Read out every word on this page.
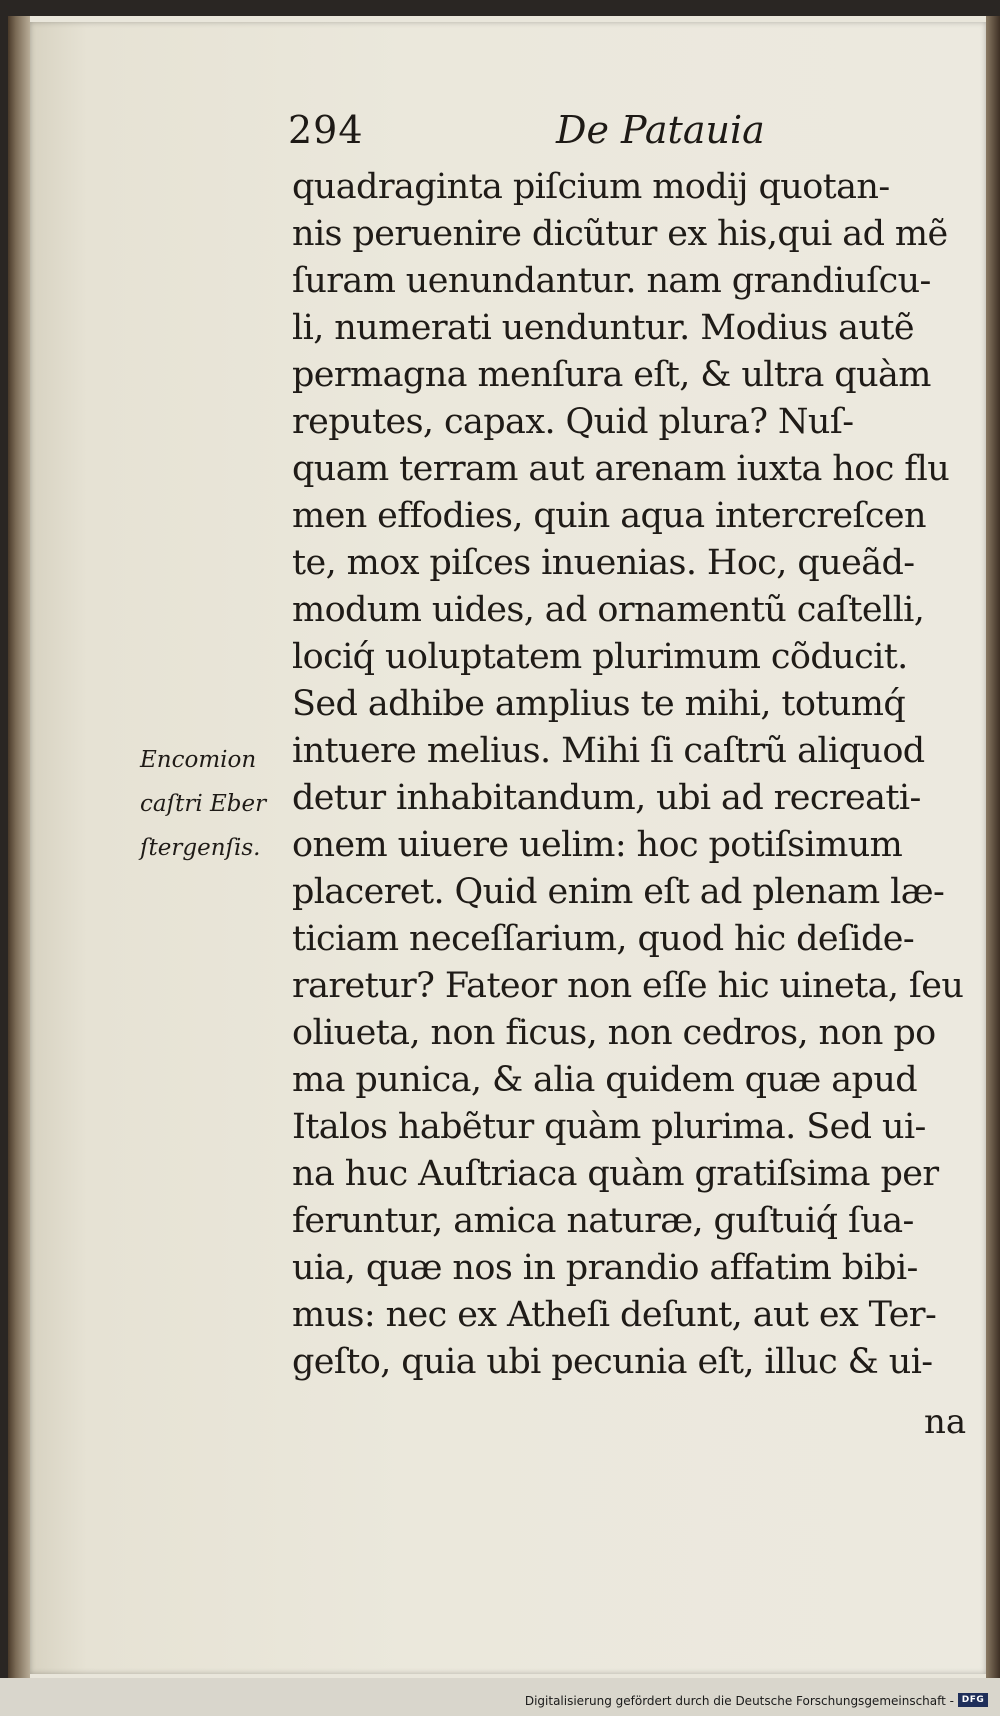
294	De Patauia
quadraginta piſcium modij quotan-
nis peruenire dicũtur ex his,qui ad mẽ
ſuram uenundantur. nam grandiuſcu-
li, numerati uenduntur. Modius autẽ
permagna menſura eſt, & ultra quàm
reputes, capax. Quid plura? Nuſ-
quam terram aut arenam iuxta hoc flu
men effodies, quin aqua intercreſcen
te, mox piſces inuenias. Hoc, queãd-
modum uides, ad ornamentũ caſtelli,
lociq́ uoluptatem plurimum cõducit.
Sed adhibe amplius te mihi, totumq́
intuere melius. Mihi ſi caſtrũ aliquod
detur inhabitandum, ubi ad recreati-
onem uiuere uelim: hoc potiſsimum
placeret. Quid enim eſt ad plenam læ-
ticiam neceſſarium, quod hic deſide-
raretur? Fateor non eſſe hic uineta, ſeu
oliueta, non ficus, non cedros, non po
ma punica, & alia quidem quæ apud
Italos habẽtur quàm plurima. Sed ui-
na huc Auſtriaca quàm gratiſsima per
feruntur, amica naturæ, guſtuiq́ ſua-
uia, quæ nos in prandio affatim bibi-
mus: nec ex Atheſi deſunt, aut ex Ter-
geſto, quia ubi pecunia eſt, illuc & ui-
na
Encomion
caſtri Eber
ſtergenſis.
Digitalisierung gefördert durch die Deutsche Forschungsgemeinschaft - DFG
